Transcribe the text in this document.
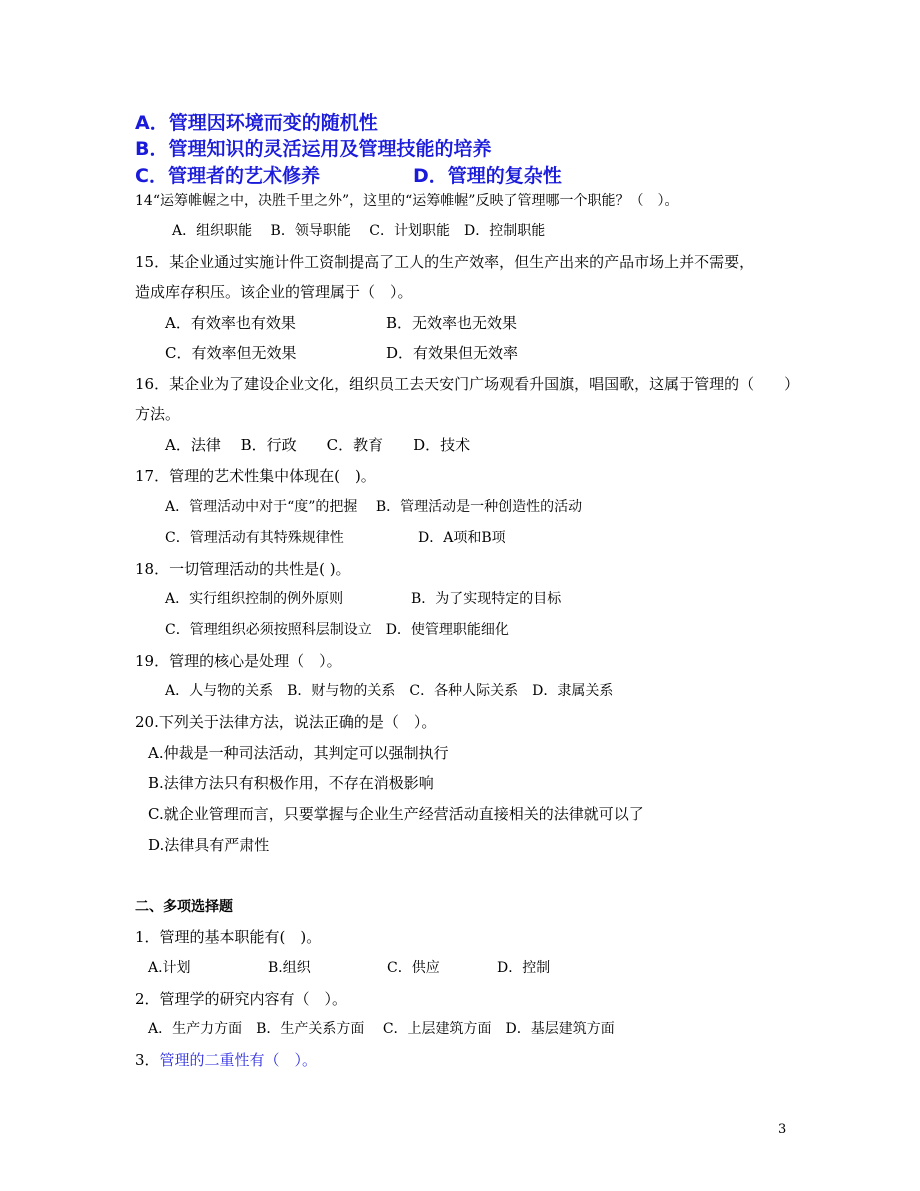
A．管理因环境而变的随机性
B．管理知识的灵活运用及管理技能的培养
C．管理者的艺术修养	D．管理的复杂性
14“运筹帷幄之中，决胜千里之外”，这里的“运筹帷幄”反映了管理哪一个职能？（　）。
A．组织职能　 B．领导职能　 C．计划职能　D．控制职能
15．某企业通过实施计件工资制提高了工人的生产效率，但生产出来的产品市场上并不需要，
造成库存积压。该企业的管理属于（　）。
A．有效率也有效果	B．无效率也无效果
C．有效率但无效果	D．有效果但无效率
16．某企业为了建设企业文化，组织员工去天安门广场观看升国旗，唱国歌，这属于管理的（　　）
方法。
A．法律　 B．行政　　C．教育　　D．技术
17．管理的艺术性集中体现在(　)。
A．管理活动中对于“度”的把握　 B．管理活动是一种创造性的活动
C．管理活动有其特殊规律性	D．A项和B项
18．一切管理活动的共性是( )。
A．实行组织控制的例外原则	B．为了实现特定的目标
C．管理组织必须按照科层制设立　D．使管理职能细化
19．管理的核心是处理（　）。
A．人与物的关系　B．财与物的关系　C．各种人际关系　D．隶属关系
20.下列关于法律方法，说法正确的是（　）。
A.仲裁是一种司法活动，其判定可以强制执行
B.法律方法只有积极作用，不存在消极影响
C.就企业管理而言，只要掌握与企业生产经营活动直接相关的法律就可以了
D.法律具有严肃性
二、多项选择题
1．管理的基本职能有(　)。
A.计划	B.组织	C．供应	D．控制
2．管理学的研究内容有（　）。
A．生产力方面　B．生产关系方面　 C．上层建筑方面　D．基层建筑方面
3．管理的二重性有（　）。
3
